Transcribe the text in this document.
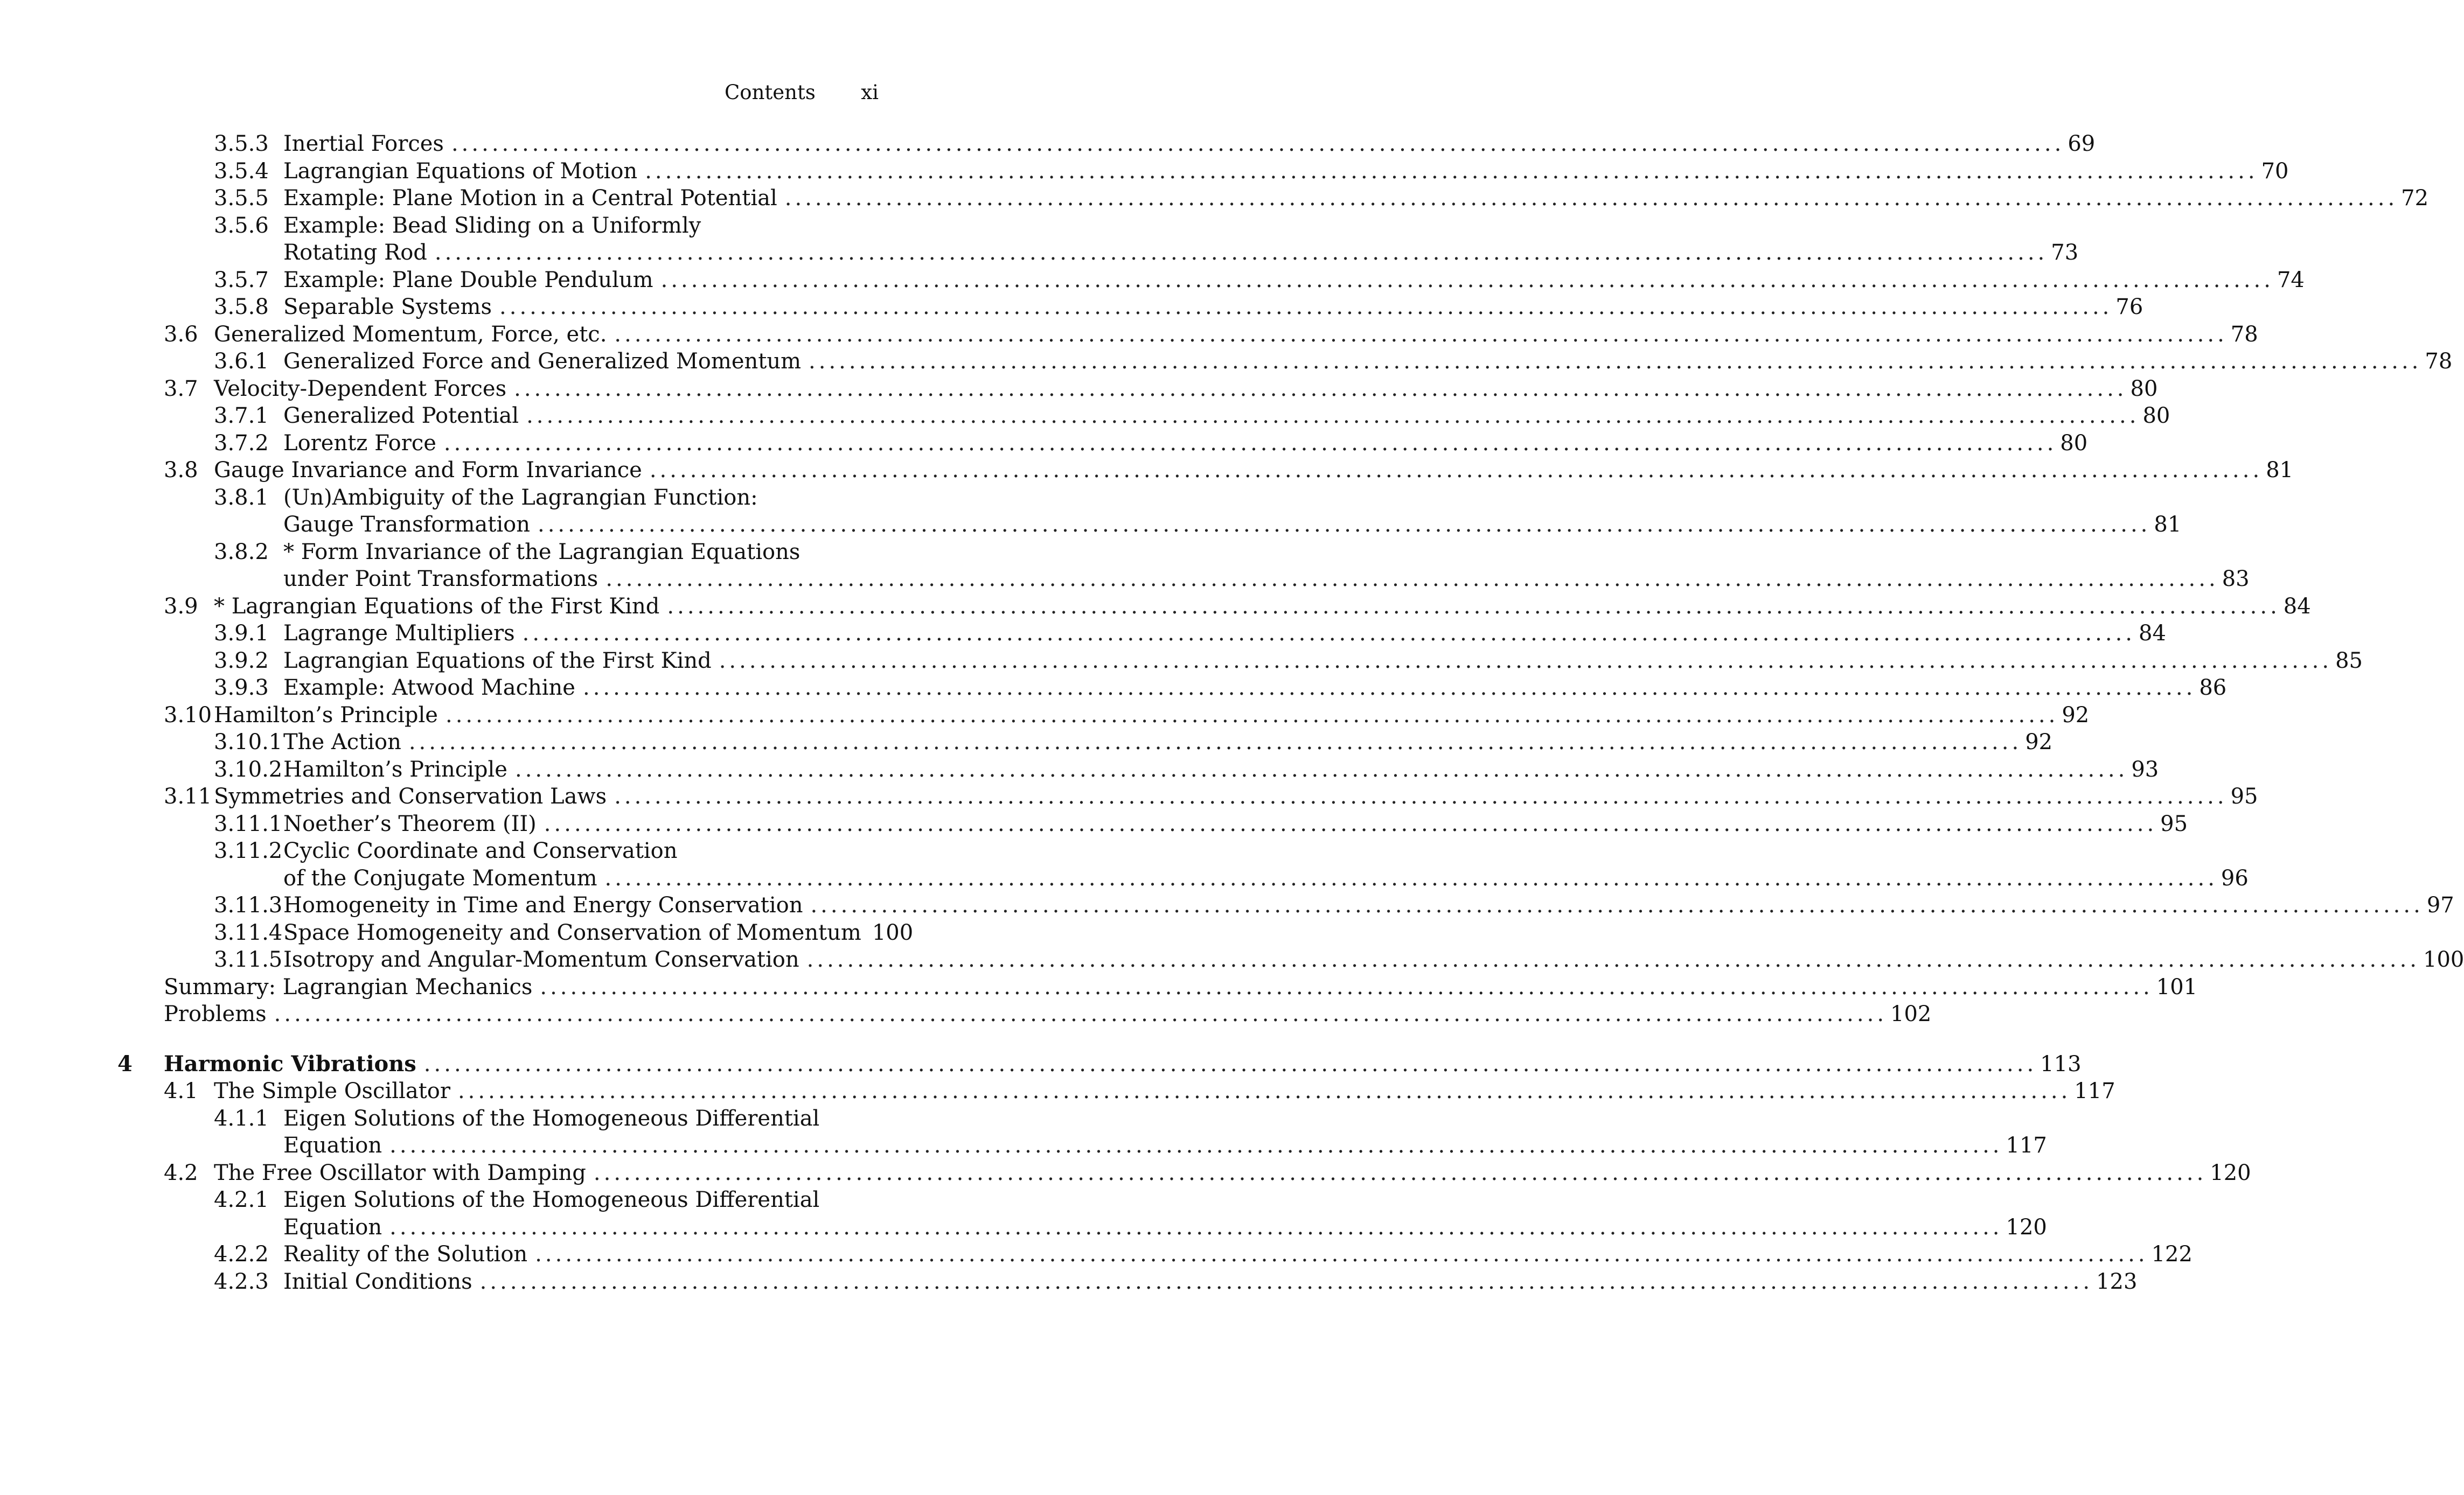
Contents xi
3.5.3 Inertial Forces ................................................................................................................................................................ 69
3.5.4 Lagrangian Equations of Motion ................................................................................................................................................................ 70
3.5.5 Example: Plane Motion in a Central Potential ................................................................................................................................................................ 72
3.5.6 Example: Bead Sliding on a Uniformly
Rotating Rod ................................................................................................................................................................ 73
3.5.7 Example: Plane Double Pendulum ................................................................................................................................................................ 74
3.5.8 Separable Systems ................................................................................................................................................................ 76
3.6 Generalized Momentum, Force, etc. ................................................................................................................................................................ 78
3.6.1 Generalized Force and Generalized Momentum ................................................................................................................................................................ 78
3.7 Velocity-Dependent Forces ................................................................................................................................................................ 80
3.7.1 Generalized Potential ................................................................................................................................................................ 80
3.7.2 Lorentz Force ................................................................................................................................................................ 80
3.8 Gauge Invariance and Form Invariance ................................................................................................................................................................ 81
3.8.1 (Un)Ambiguity of the Lagrangian Function:
Gauge Transformation ................................................................................................................................................................ 81
3.8.2 * Form Invariance of the Lagrangian Equations
under Point Transformations ................................................................................................................................................................ 83
3.9 * Lagrangian Equations of the First Kind ................................................................................................................................................................ 84
3.9.1 Lagrange Multipliers ................................................................................................................................................................ 84
3.9.2 Lagrangian Equations of the First Kind ................................................................................................................................................................ 85
3.9.3 Example: Atwood Machine ................................................................................................................................................................ 86
3.10 Hamilton’s Principle ................................................................................................................................................................ 92
3.10.1 The Action ................................................................................................................................................................ 92
3.10.2 Hamilton’s Principle ................................................................................................................................................................ 93
3.11 Symmetries and Conservation Laws ................................................................................................................................................................ 95
3.11.1 Noether’s Theorem (II) ................................................................................................................................................................ 95
3.11.2 Cyclic Coordinate and Conservation
of the Conjugate Momentum ................................................................................................................................................................ 96
3.11.3 Homogeneity in Time and Energy Conservation ................................................................................................................................................................ 97
3.11.4 Space Homogeneity and Conservation of Momentum 100
3.11.5 Isotropy and Angular-Momentum Conservation ................................................................................................................................................................ 100
Summary: Lagrangian Mechanics ................................................................................................................................................................ 101
Problems ................................................................................................................................................................ 102
4 Harmonic Vibrations ................................................................................................................................................................ 113
4.1 The Simple Oscillator ................................................................................................................................................................ 117
4.1.1 Eigen Solutions of the Homogeneous Differential
Equation ................................................................................................................................................................ 117
4.2 The Free Oscillator with Damping ................................................................................................................................................................ 120
4.2.1 Eigen Solutions of the Homogeneous Differential
Equation ................................................................................................................................................................ 120
4.2.2 Reality of the Solution ................................................................................................................................................................ 122
4.2.3 Initial Conditions ................................................................................................................................................................ 123
